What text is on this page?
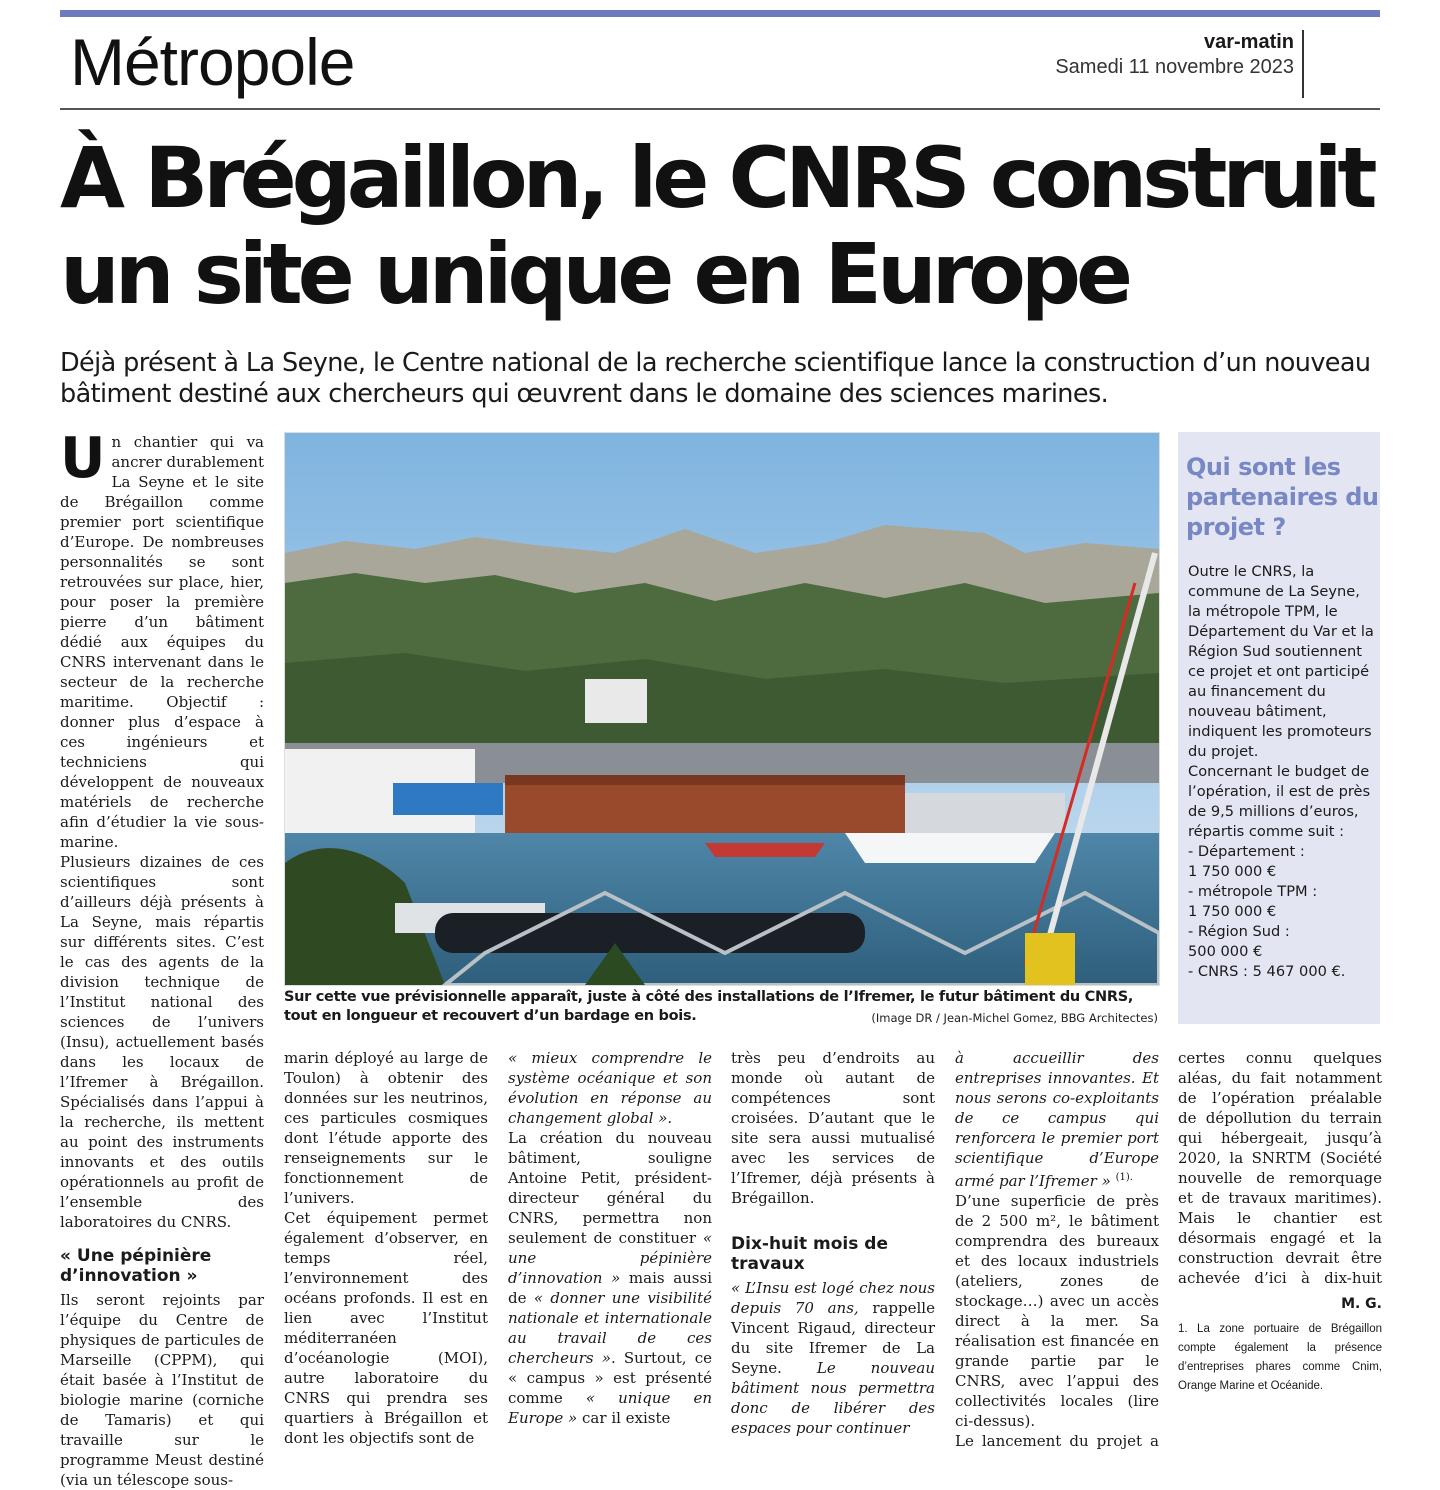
Métropole	var-matin
Samedi 11 novembre 2023
À Brégaillon, le CNRS construit un site unique en Europe
Déjà présent à La Seyne, le Centre national de la recherche scientifique lance la construction d’un nouveau bâtiment destiné aux chercheurs qui œuvrent dans le domaine des sciences marines.

Un chantier qui va ancrer durablement La Seyne et le site de Brégaillon comme premier port scientifique d’Europe. De nombreuses personnalités se sont retrouvées sur place, hier, pour poser la première pierre d’un bâtiment dédié aux équipes du CNRS intervenant dans le secteur de la recherche maritime. Objectif : donner plus d’espace à ces ingénieurs et techniciens qui développent de nouveaux matériels de recherche afin d’étudier la vie sous-marine.

Plusieurs dizaines de ces scientifiques sont d’ailleurs déjà présents à La Seyne, mais répartis sur différents sites. C’est le cas des agents de la division technique de l’Institut national des sciences de l’univers (Insu), actuellement basés dans les locaux de l’Ifremer à Brégaillon. Spécialisés dans l’appui à la recherche, ils mettent au point des instruments innovants et des outils opérationnels au profit de l’ensemble des laboratoires du CNRS.

« Une pépinière d’innovation »

Ils seront rejoints par l’équipe du Centre de physiques de particules de Marseille (CPPM), qui était basée à l’Institut de biologie marine (corniche de Tamaris) et qui travaille sur le programme Meust destiné (via un télescope sous-

Sur cette vue prévisionnelle apparaît, juste à côté des installations de l’Ifremer, le futur bâtiment du CNRS, tout en longueur et recouvert d’un bardage en bois.	(Image DR / Jean-Michel Gomez, BBG Architectes)
Qui sont les partenaires du projet ?
Outre le CNRS, la commune de La Seyne, la métropole TPM, le Département du Var et la Région Sud soutiennent ce projet et ont participé au financement du nouveau bâtiment, indiquent les promoteurs du projet.
Concernant le budget de l’opération, il est de près de 9,5 millions d’euros, répartis comme suit :
- Département :
1 750 000 €
- métropole TPM :
1 750 000 €
- Région Sud :
500 000 €
- CNRS : 5 467 000 €.

marin déployé au large de Toulon) à obtenir des données sur les neutrinos, ces particules cosmiques dont l’étude apporte des renseignements sur le fonctionnement de l’univers.

Cet équipement permet également d’observer, en temps réel, l’environnement des océans profonds. Il est en lien avec l’Institut méditerranéen d’océanologie (MOI), autre laboratoire du CNRS qui prendra ses quartiers à Brégaillon et dont les objectifs sont de

« mieux comprendre le système océanique et son évolution en réponse au changement global ».

La création du nouveau bâtiment, souligne Antoine Petit, président-directeur général du CNRS, permettra non seulement de constituer « une pépinière d’innovation » mais aussi de « donner une visibilité nationale et internationale au travail de ces chercheurs ». Surtout, ce « campus » est présenté comme « unique en Europe » car il existe

très peu d’endroits au monde où autant de compétences sont croisées. D’autant que le site sera aussi mutualisé avec les services de l’Ifremer, déjà présents à Brégaillon.

Dix-huit mois de travaux

« L’Insu est logé chez nous depuis 70 ans, rappelle Vincent Rigaud, directeur du site Ifremer de La Seyne. Le nouveau bâtiment nous permettra donc de libérer des espaces pour continuer

à accueillir des entreprises innovantes. Et nous serons co-exploitants de ce campus qui renforcera le premier port scientifique d’Europe armé par l’Ifremer » $^{(1).}$

D’une superficie de près de 2 500 m², le bâtiment comprendra des bureaux et des locaux industriels (ateliers, zones de stockage…) avec un accès direct à la mer. Sa réalisation est financée en grande partie par le CNRS, avec l’appui des collectivités locales (lire ci-dessus).

Le lancement du projet a

certes connu quelques aléas, du fait notamment de l’opération préalable de dépollution du terrain qui hébergeait, jusqu’à 2020, la SNRTM (Société nouvelle de remorquage et de travaux maritimes). Mais le chantier est désormais engagé et la construction devrait être achevée d’ici à dix-huit

M. G.
1. La zone portuaire de Brégaillon compte également la présence d’entreprises phares comme Cnim, Orange Marine et Océanide.
